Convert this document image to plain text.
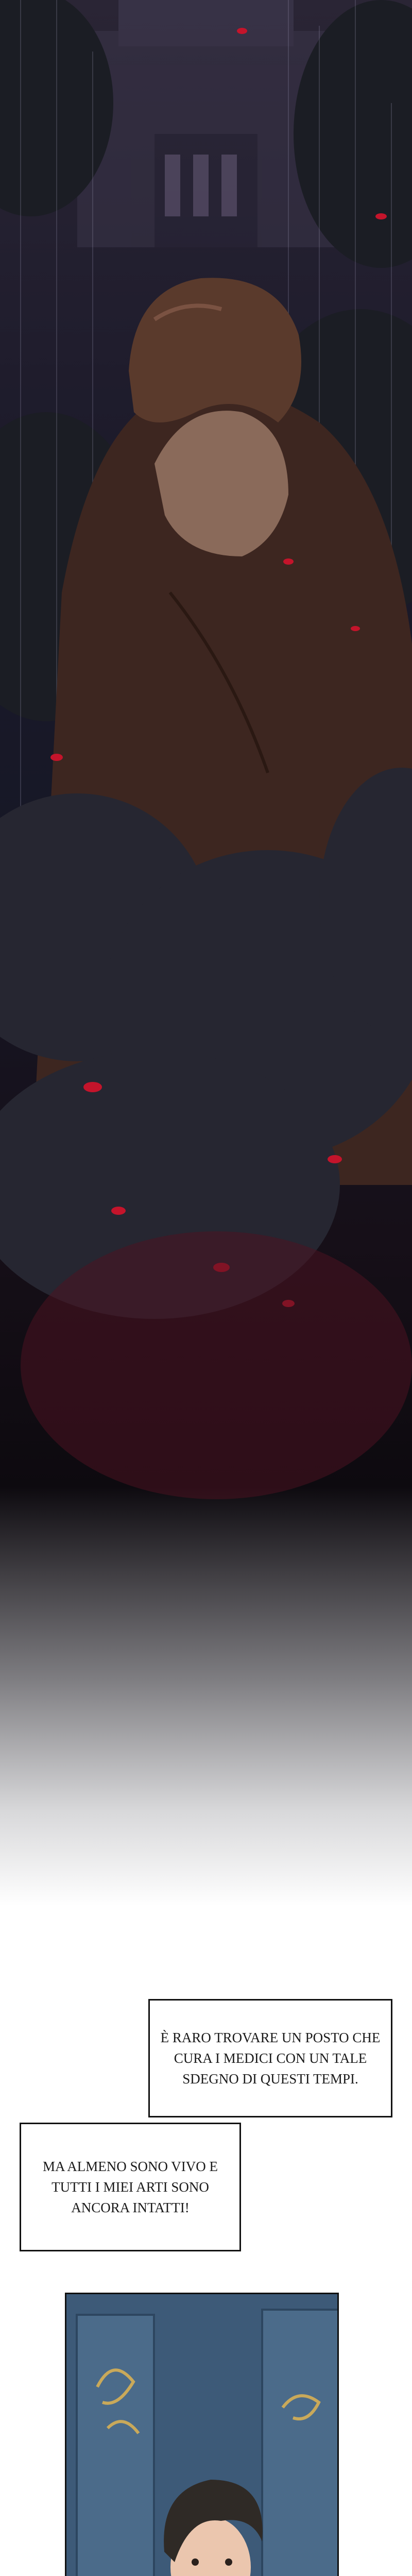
È RARO TROVARE UN POSTO CHE CURA I MEDICI CON UN TALE SDEGNO DI QUESTI TEMPI.
MA ALMENO SONO VIVO E TUTTI I MIEI ARTI SONO ANCORA INTATTI!
